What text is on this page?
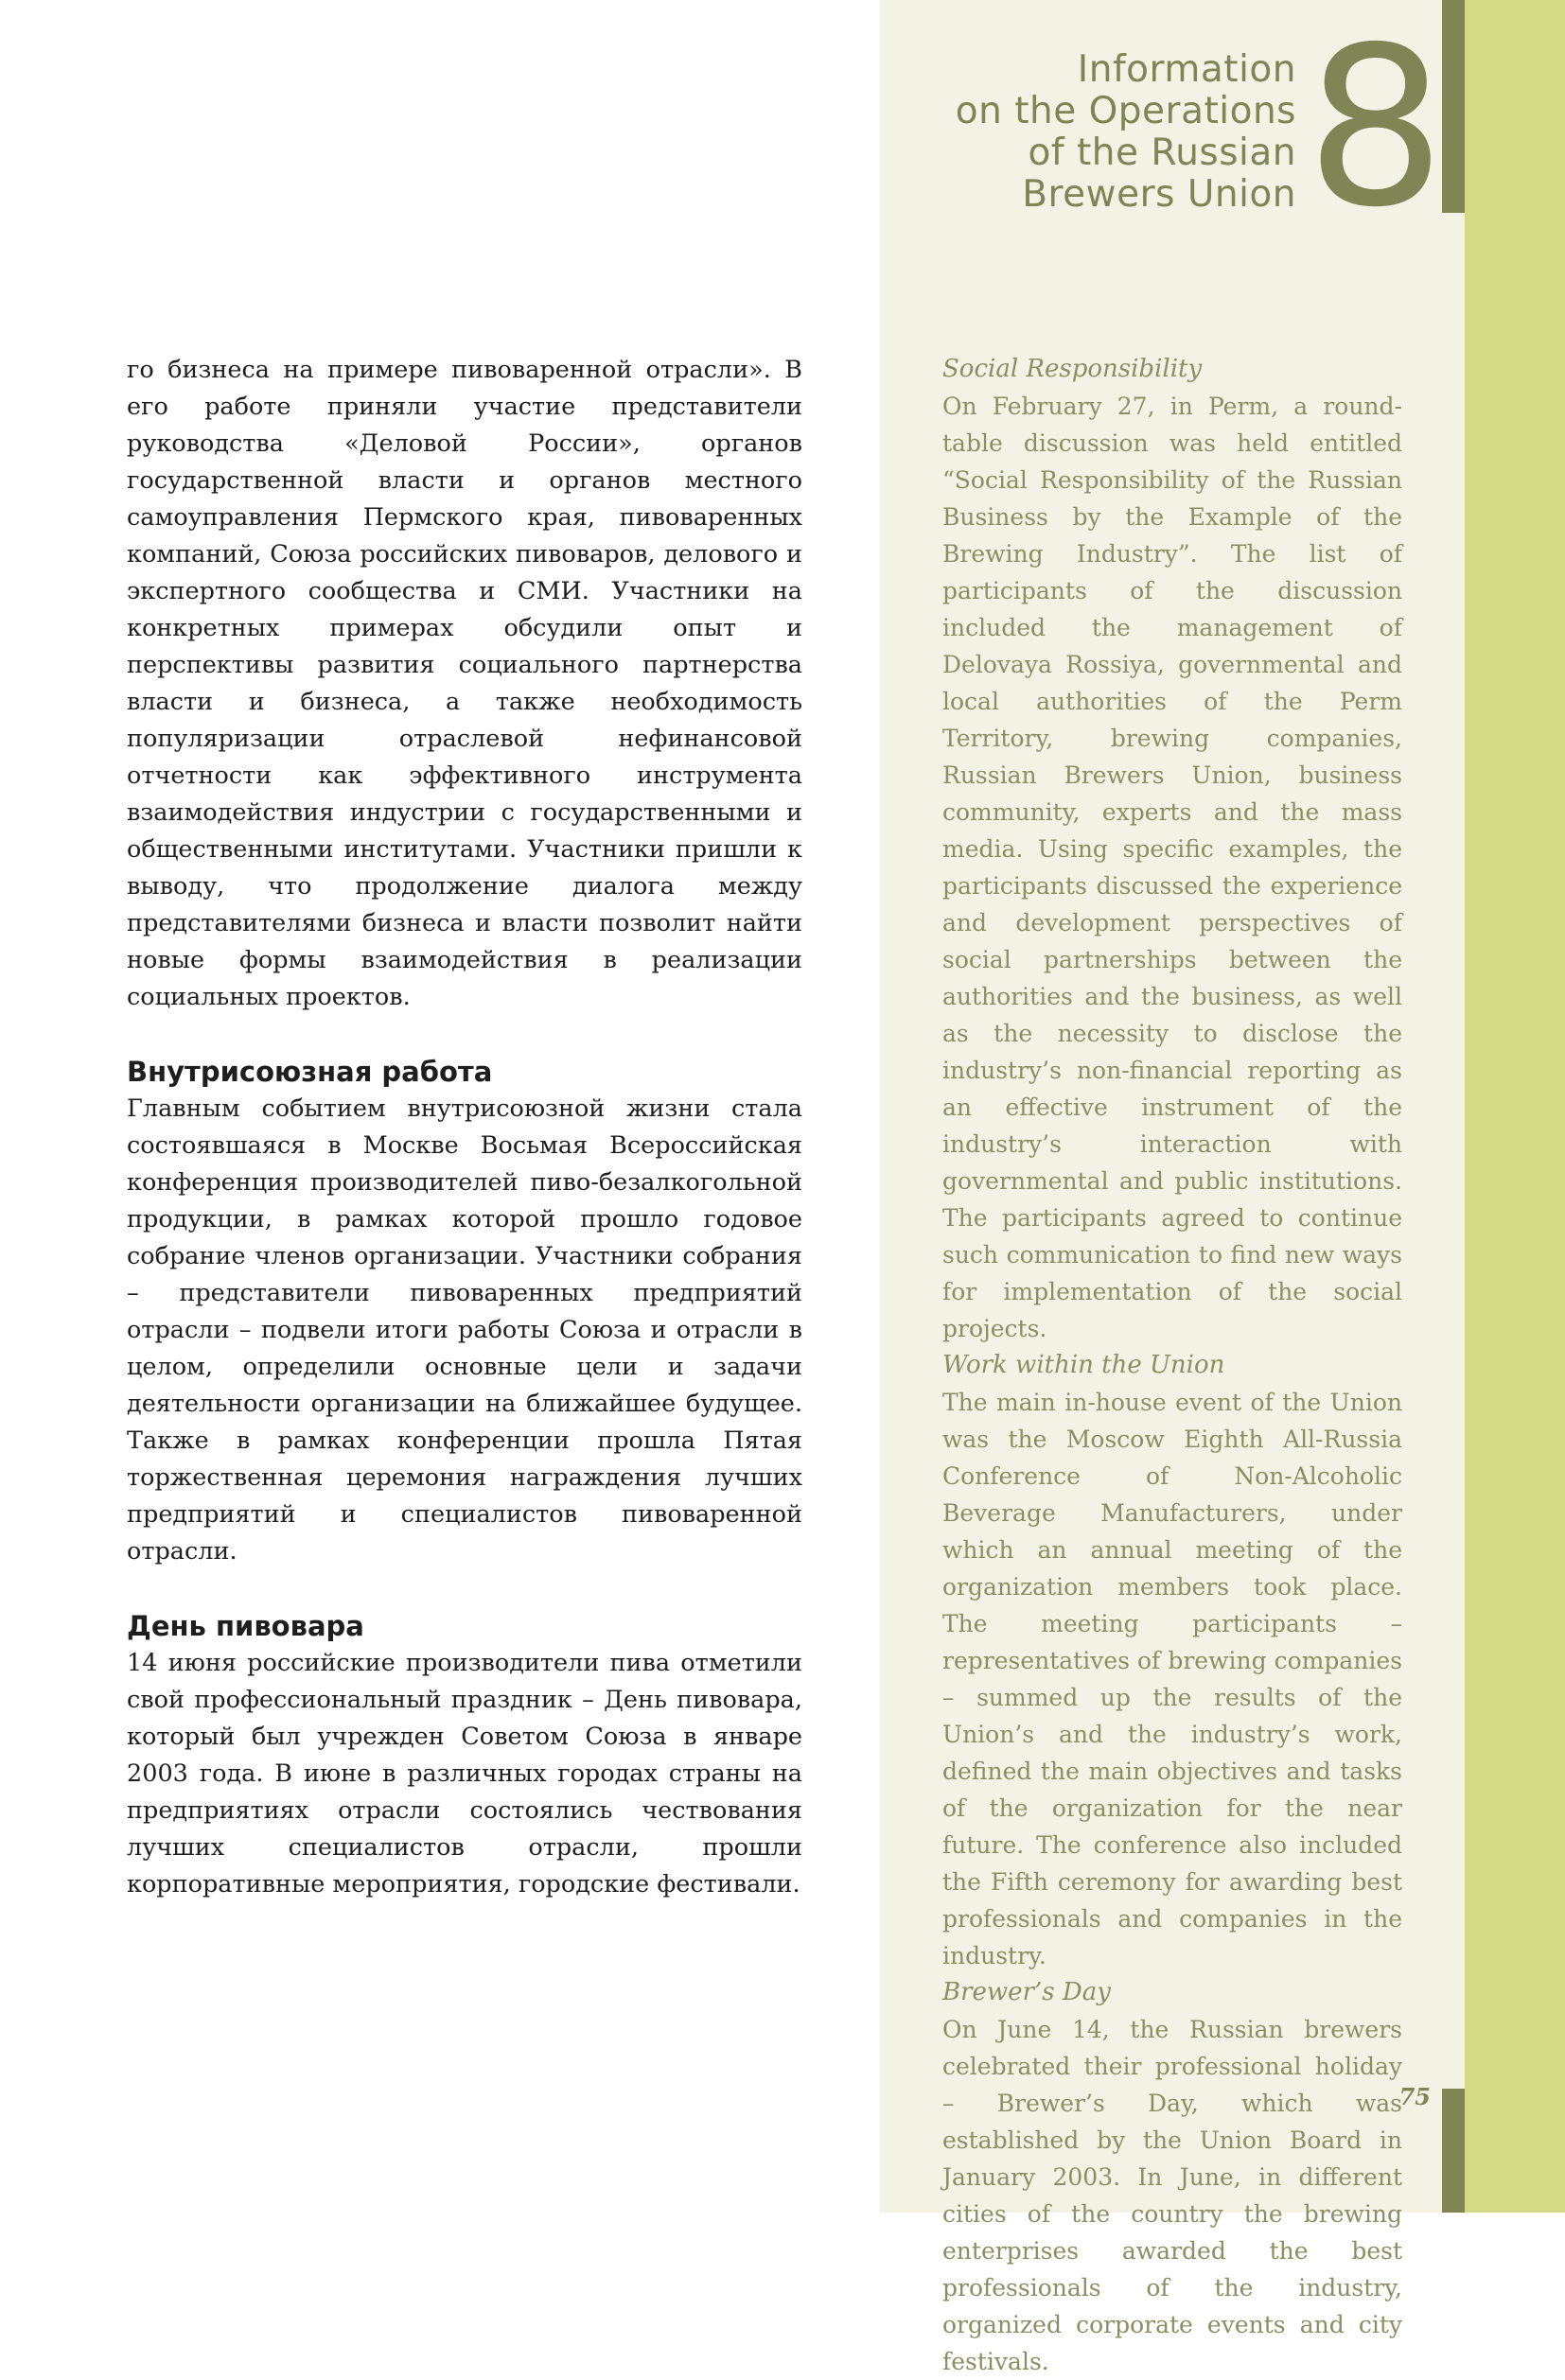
Information
on the Operations
of the Russian
Brewers Union 8

го бизнеса на примере пивоваренной отрасли». В его работе приняли участие представители руководства «Деловой России», органов государственной власти и органов местного самоуправления Пермского края, пивоваренных компаний, Союза российских пивоваров, делового и экспертного сообщества и СМИ. Участники на конкретных примерах обсудили опыт и перспективы развития социального партнерства власти и бизнеса, а также необходимость популяризации отраслевой нефинансовой отчетности как эффективного инструмента взаимодействия индустрии с государственными и общественными институтами. Участники пришли к выводу, что продолжение диалога между представителями бизнеса и власти позволит найти новые формы взаимодействия в реализации социальных проектов.

Внутрисоюзная работа

Главным событием внутрисоюзной жизни стала состоявшаяся в Москве Восьмая Всероссийская конференция производителей пиво-безалкогольной продукции, в рамках которой прошло годовое собрание членов организации. Участники собрания – представители пивоваренных предприятий отрасли – подвели итоги работы Союза и отрасли в целом, определили основные цели и задачи деятельности организации на ближайшее будущее. Также в рамках конференции прошла Пятая торжественная церемония награждения лучших предприятий и специалистов пивоваренной отрасли.

День пивовара

14 июня российские производители пива отметили свой профессиональный праздник – День пивовара, который был учрежден Советом Союза в январе 2003 года. В июне в различных городах страны на предприятиях отрасли состоялись чествования лучших специалистов отрасли, прошли корпоративные мероприятия, городские фестивали.

Social Responsibility

On February 27, in Perm, a round-table discussion was held entitled “Social Responsibility of the Russian Business by the Example of the Brewing Industry”. The list of participants of the discussion included the management of Delovaya Rossiya, governmental and local authorities of the Perm Territory, brewing companies, Russian Brewers Union, business community, experts and the mass media. Using specific examples, the participants discussed the experience and development perspectives of social partnerships between the authorities and the business, as well as the necessity to disclose the industry’s non-financial reporting as an effective instrument of the industry’s interaction with governmental and public institutions. The participants agreed to continue such communication to find new ways for implementation of the social projects.

Work within the Union

The main in-house event of the Union was the Moscow Eighth All-Russia Conference of Non-Alcoholic Beverage Manufacturers, under which an annual meeting of the organization members took place. The meeting participants – representatives of brewing companies – summed up the results of the Union’s and the industry’s work, defined the main objectives and tasks of the organization for the near future. The conference also included the Fifth ceremony for awarding best professionals and companies in the industry.

Brewer’s Day

On June 14, the Russian brewers celebrated their professional holiday – Brewer’s Day, which was established by the Union Board in January 2003. In June, in different cities of the country the brewing enterprises awarded the best professionals of the industry, organized corporate events and city festivals.

75
